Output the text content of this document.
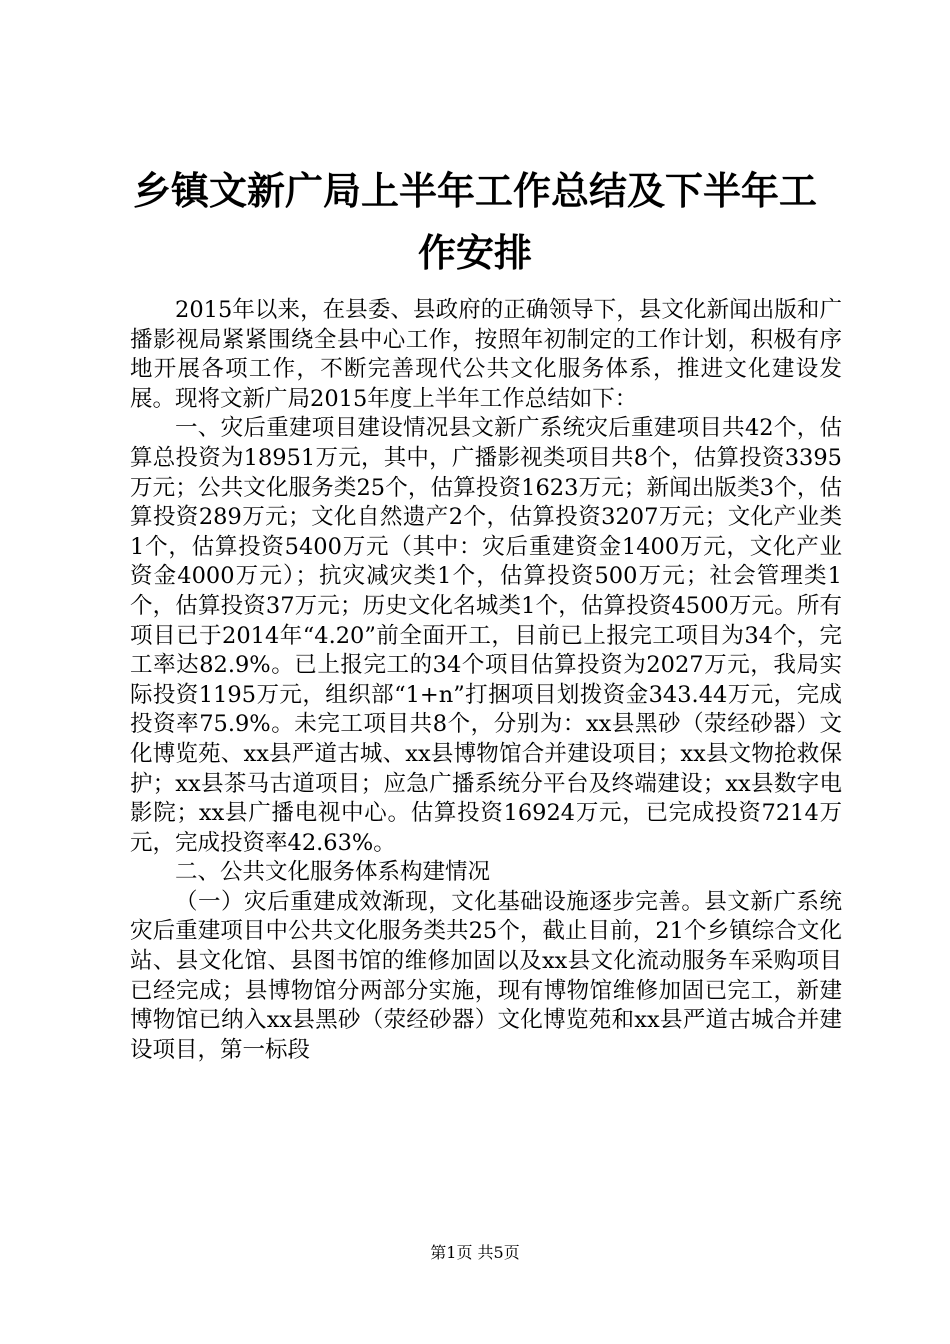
乡镇文新广局上半年工作总结及下半年工作安排

2015年以来，在县委、县政府的正确领导下，县文化新闻出版和广播影视局紧紧围绕全县中心工作，按照年初制定的工作计划，积极有序地开展各项工作，不断完善现代公共文化服务体系，推进文化建设发展。现将文新广局2015年度上半年工作总结如下：

一、灾后重建项目建设情况县文新广系统灾后重建项目共42个，估算总投资为18951万元，其中，广播影视类项目共8个，估算投资3395万元；公共文化服务类25个，估算投资1623万元；新闻出版类3个，估算投资289万元；文化自然遗产2个，估算投资3207万元；文化产业类1个，估算投资5400万元（其中：灾后重建资金1400万元，文化产业资金4000万元）；抗灾减灾类1个，估算投资500万元；社会管理类1个，估算投资37万元；历史文化名城类1个，估算投资4500万元。所有项目已于2014年“4.20”前全面开工，目前已上报完工项目为34个，完工率达82.9%。已上报完工的34个项目估算投资为2027万元，我局实际投资1195万元，组织部“1+n”打捆项目划拨资金343.44万元，完成投资率75.9%。未完工项目共8个，分别为：xx县黑砂（荥经砂器）文化博览苑、xx县严道古城、xx县博物馆合并建设项目；xx县文物抢救保护；xx县茶马古道项目；应急广播系统分平台及终端建设；xx县数字电影院；xx县广播电视中心。估算投资16924万元，已完成投资7214万元，完成投资率42.63%。

二、公共文化服务体系构建情况

（一）灾后重建成效渐现，文化基础设施逐步完善。县文新广系统灾后重建项目中公共文化服务类共25个，截止目前，21个乡镇综合文化站、县文化馆、县图书馆的维修加固以及xx县文化流动服务车采购项目已经完成；县博物馆分两部分实施，现有博物馆维修加固已完工，新建博物馆已纳入xx县黑砂（荥经砂器）文化博览苑和xx县严道古城合并建设项目，第一标段

第1页 共5页
